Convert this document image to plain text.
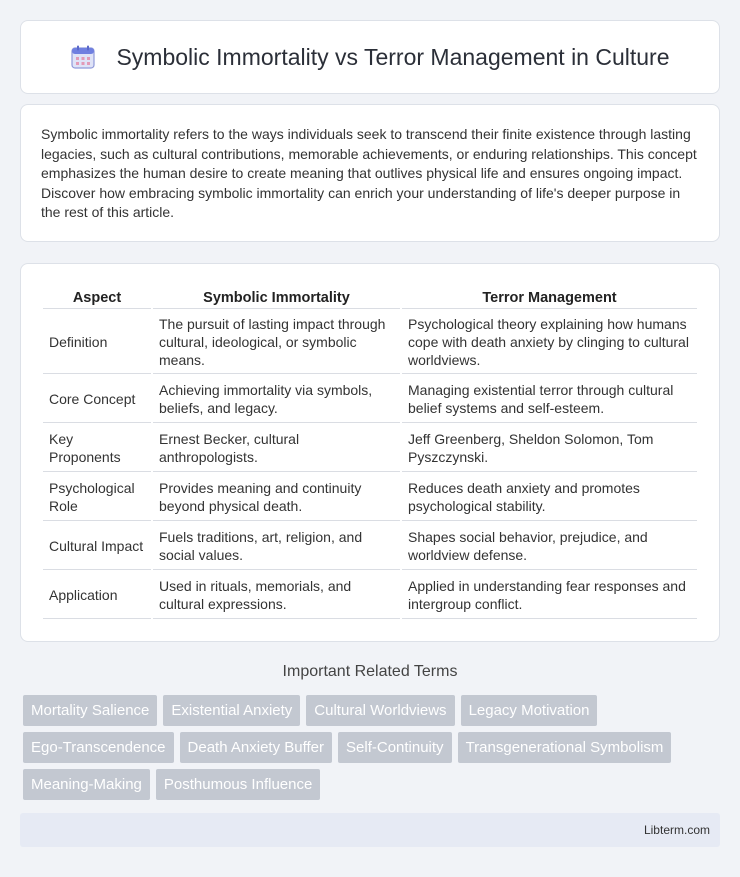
Symbolic Immortality vs Terror Management in Culture

Symbolic immortality refers to the ways individuals seek to transcend their finite existence through lasting legacies, such as cultural contributions, memorable achievements, or enduring relationships. This concept emphasizes the human desire to create meaning that outlives physical life and ensures ongoing impact. Discover how embracing symbolic immortality can enrich your understanding of life's deeper purpose in the rest of this article.

Aspect	Symbolic Immortality	Terror Management
Definition	The pursuit of lasting impact through cultural, ideological, or symbolic means.	Psychological theory explaining how humans cope with death anxiety by clinging to cultural worldviews.
Core Concept	Achieving immortality via symbols, beliefs, and legacy.	Managing existential terror through cultural belief systems and self-esteem.
Key Proponents	Ernest Becker, cultural anthropologists.	Jeff Greenberg, Sheldon Solomon, Tom Pyszczynski.
Psychological Role	Provides meaning and continuity beyond physical death.	Reduces death anxiety and promotes psychological stability.
Cultural Impact	Fuels traditions, art, religion, and social values.	Shapes social behavior, prejudice, and worldview defense.
Application	Used in rituals, memorials, and cultural expressions.	Applied in understanding fear responses and intergroup conflict.
Important Related Terms
Mortality Salience	Existential Anxiety	Cultural Worldviews	Legacy Motivation
Ego-Transcendence	Death Anxiety Buffer	Self-Continuity	Transgenerational Symbolism
Meaning-Making	Posthumous Influence
Libterm.com
